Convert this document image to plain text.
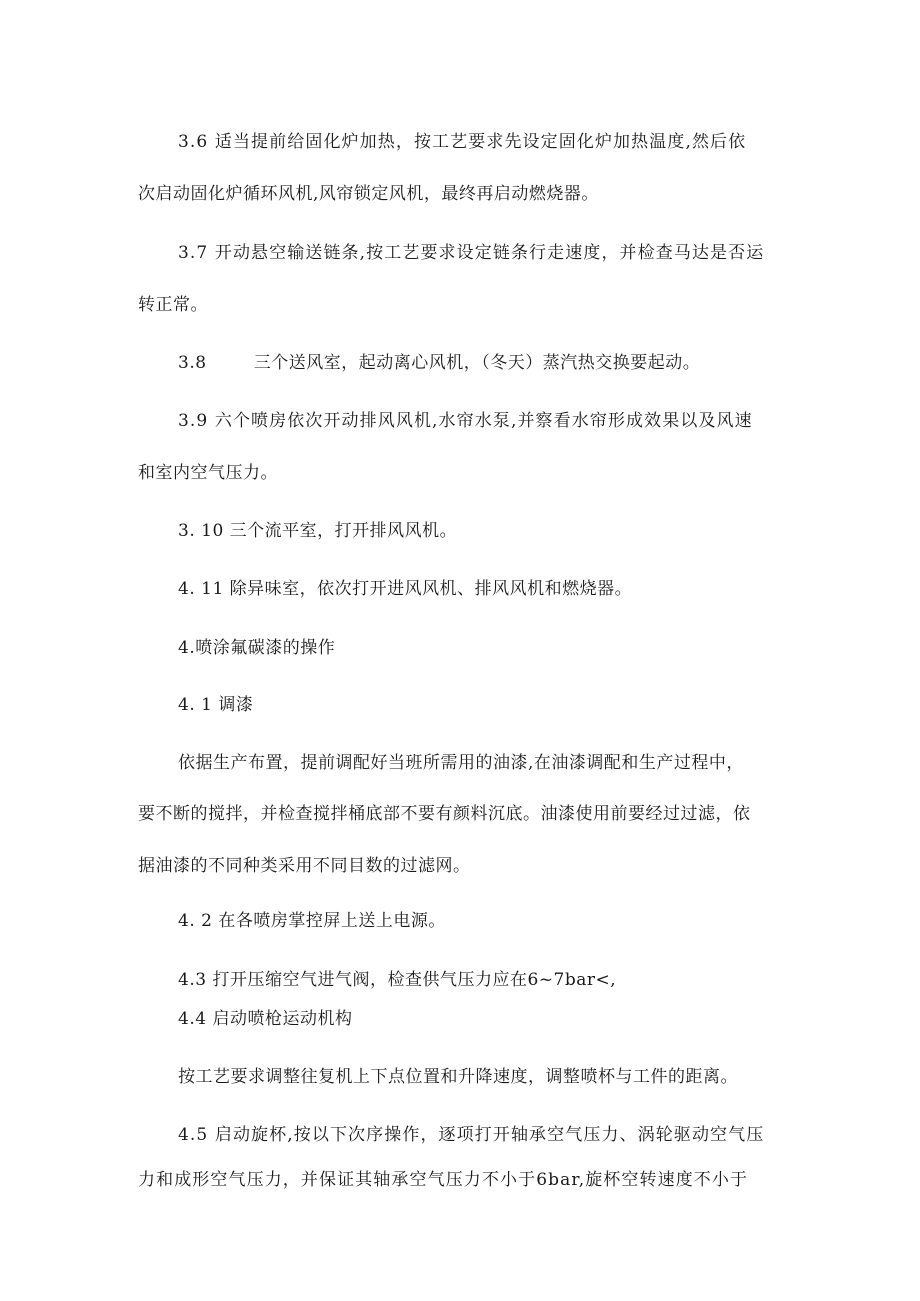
3.6 适当提前给固化炉加热，按工艺要求先设定固化炉加热温度,然后依
次启动固化炉循环风机,风帘锁定风机，最终再启动燃烧器。
3.7 开动悬空输送链条,按工艺要求设定链条行走速度，并检查马达是否运
转正常。
3.8        三个送风室，起动离心风机，（冬天）蒸汽热交换要起动。
3.9 六个喷房依次开动排风风机,水帘水泵,并察看水帘形成效果以及风速
和室内空气压力。
3. 10 三个流平室，打开排风风机。
4. 11 除异味室，依次打开进风风机、排风风机和燃烧器。
4.喷涂氟碳漆的操作
4. 1 调漆
依据生产布置，提前调配好当班所需用的油漆,在油漆调配和生产过程中，
要不断的搅拌，并检查搅拌桶底部不要有颜料沉底。油漆使用前要经过过滤，依
据油漆的不同种类采用不同目数的过滤网。
4. 2 在各喷房掌控屏上送上电源。
4.3 打开压缩空气进气阀，检查供气压力应在6~7bar<,
4.4 启动喷枪运动机构
按工艺要求调整往复机上下点位置和升降速度，调整喷杯与工件的距离。
4.5 启动旋杯,按以下次序操作，逐项打开轴承空气压力、涡轮驱动空气压
力和成形空气压力，并保证其轴承空气压力不小于6bar,旋杯空转速度不小于
